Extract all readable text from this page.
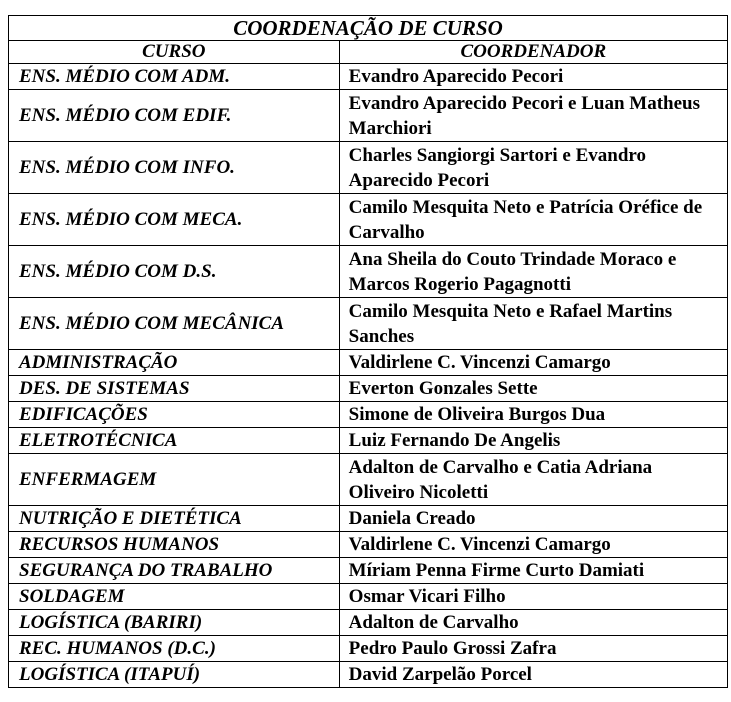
COORDENAÇÃO DE CURSO	
CURSO	COORDENADOR
ENS. MÉDIO COM ADM.	Evandro Aparecido Pecori
ENS. MÉDIO COM EDIF.	Evandro Aparecido Pecori e Luan Matheus Marchiori
ENS. MÉDIO COM INFO.	Charles Sangiorgi Sartori e Evandro Aparecido Pecori
ENS. MÉDIO COM MECA.	Camilo Mesquita Neto e Patrícia Oréfice de Carvalho
ENS. MÉDIO COM D.S.	Ana Sheila do Couto Trindade Moraco e Marcos Rogerio Pagagnotti
ENS. MÉDIO COM MECÂNICA	Camilo Mesquita Neto e Rafael Martins Sanches
ADMINISTRAÇÃO	Valdirlene C. Vincenzi Camargo
DES. DE SISTEMAS	Everton Gonzales Sette
EDIFICAÇÕES	Simone de Oliveira Burgos Dua
ELETROTÉCNICA	Luiz Fernando De Angelis
ENFERMAGEM	Adalton de Carvalho e Catia Adriana Oliveiro Nicoletti
NUTRIÇÃO E DIETÉTICA	Daniela Creado
RECURSOS HUMANOS	Valdirlene C. Vincenzi Camargo
SEGURANÇA DO TRABALHO	Míriam Penna Firme Curto Damiati
SOLDAGEM	Osmar Vicari Filho
LOGÍSTICA (BARIRI)	Adalton de Carvalho
REC. HUMANOS (D.C.)	Pedro Paulo Grossi Zafra
LOGÍSTICA (ITAPUÍ)	David Zarpelão Porcel
